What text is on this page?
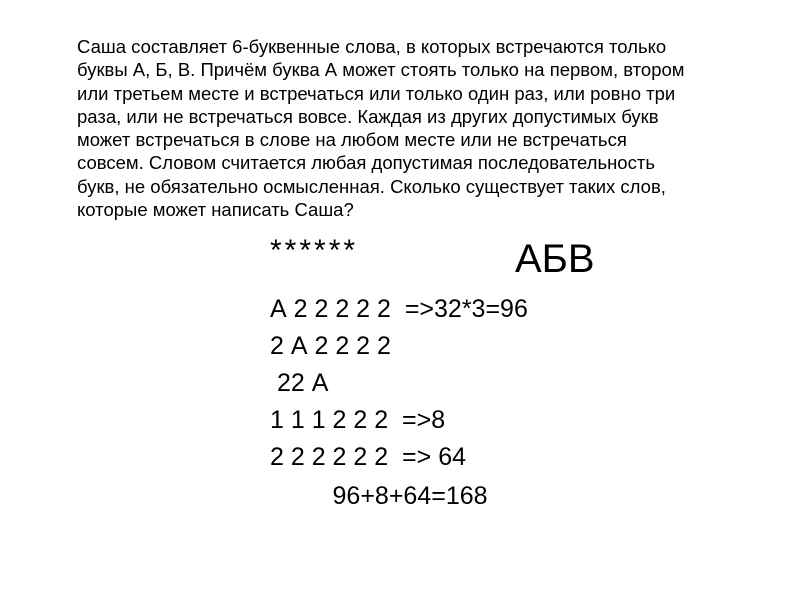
Саша составляет 6-буквенные слова, в которых встречаются только
буквы А, Б, В. Причём буква А может стоять только на первом, втором
или третьем месте и встречаться или только один раз, или ровно три
раза, или не встречаться вовсе. Каждая из других допустимых букв
может встречаться в слове на любом месте или не встречаться
совсем. Словом считается любая допустимая последовательность
букв, не обязательно осмысленная. Сколько существует таких слов,
которые может написать Саша?
******	АБВ
А 2 2 2 2 2  =>32*3=96
2 А 2 2 2 2
22 А
1 1 1 2 2 2  =>8
2 2 2 2 2 2  => 64
96+8+64=168
